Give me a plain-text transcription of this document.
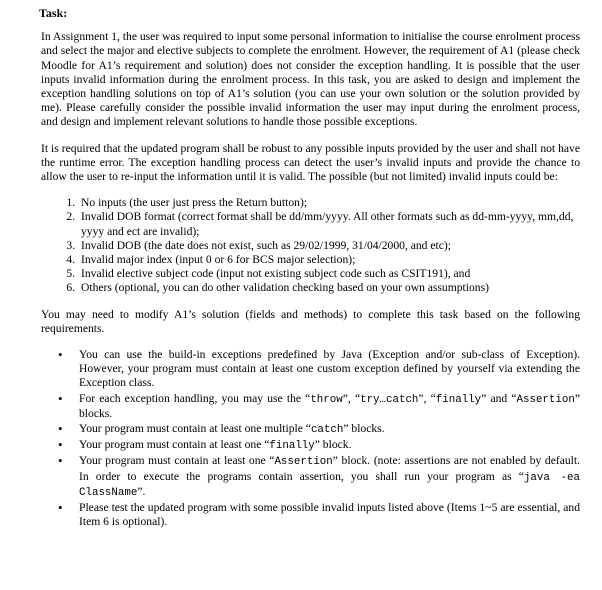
Task:

In Assignment 1, the user was required to input some personal information to initialise the course enrolment process and select the major and elective subjects to complete the enrolment. However, the requirement of A1 (please check Moodle for A1’s requirement and solution) does not consider the exception handling. It is possible that the user inputs invalid information during the enrolment process. In this task, you are asked to design and implement the exception handling solutions on top of A1’s solution (you can use your own solution or the solution provided by me). Please carefully consider the possible invalid information the user may input during the enrolment process, and design and implement relevant solutions to handle those possible exceptions.

It is required that the updated program shall be robust to any possible inputs provided by the user and shall not have the runtime error. The exception handling process can detect the user’s invalid inputs and provide the chance to allow the user to re-input the information until it is valid. The possible (but not limited) invalid inputs could be:

1. No inputs (the user just press the Return button);
2. Invalid DOB format (correct format shall be dd/mm/yyyy. All other formats such as dd-mm-yyyy, mm,dd, yyyy and ect are invalid);
3. Invalid DOB (the date does not exist, such as 29/02/1999, 31/04/2000, and etc);
4. Invalid major index (input 0 or 6 for BCS major selection);
5. Invalid elective subject code (input not existing subject code such as CSIT191), and
6. Others (optional, you can do other validation checking based on your own assumptions)

You may need to modify A1’s solution (fields and methods) to complete this task based on the following requirements.

• You can use the build-in exceptions predefined by Java (Exception and/or sub-class of Exception). However, your program must contain at least one custom exception defined by yourself via extending the Exception class.
• For each exception handling, you may use the “throw”, “try…catch”, “finally” and “Assertion” blocks.
• Your program must contain at least one multiple “catch” blocks.
• Your program must contain at least one “finally” block.
• Your program must contain at least one “Assertion” block. (note: assertions are not enabled by default. In order to execute the programs contain assertion, you shall run your program as “java -ea ClassName”.
• Please test the updated program with some possible invalid inputs listed above (Items 1~5 are essential, and Item 6 is optional).
